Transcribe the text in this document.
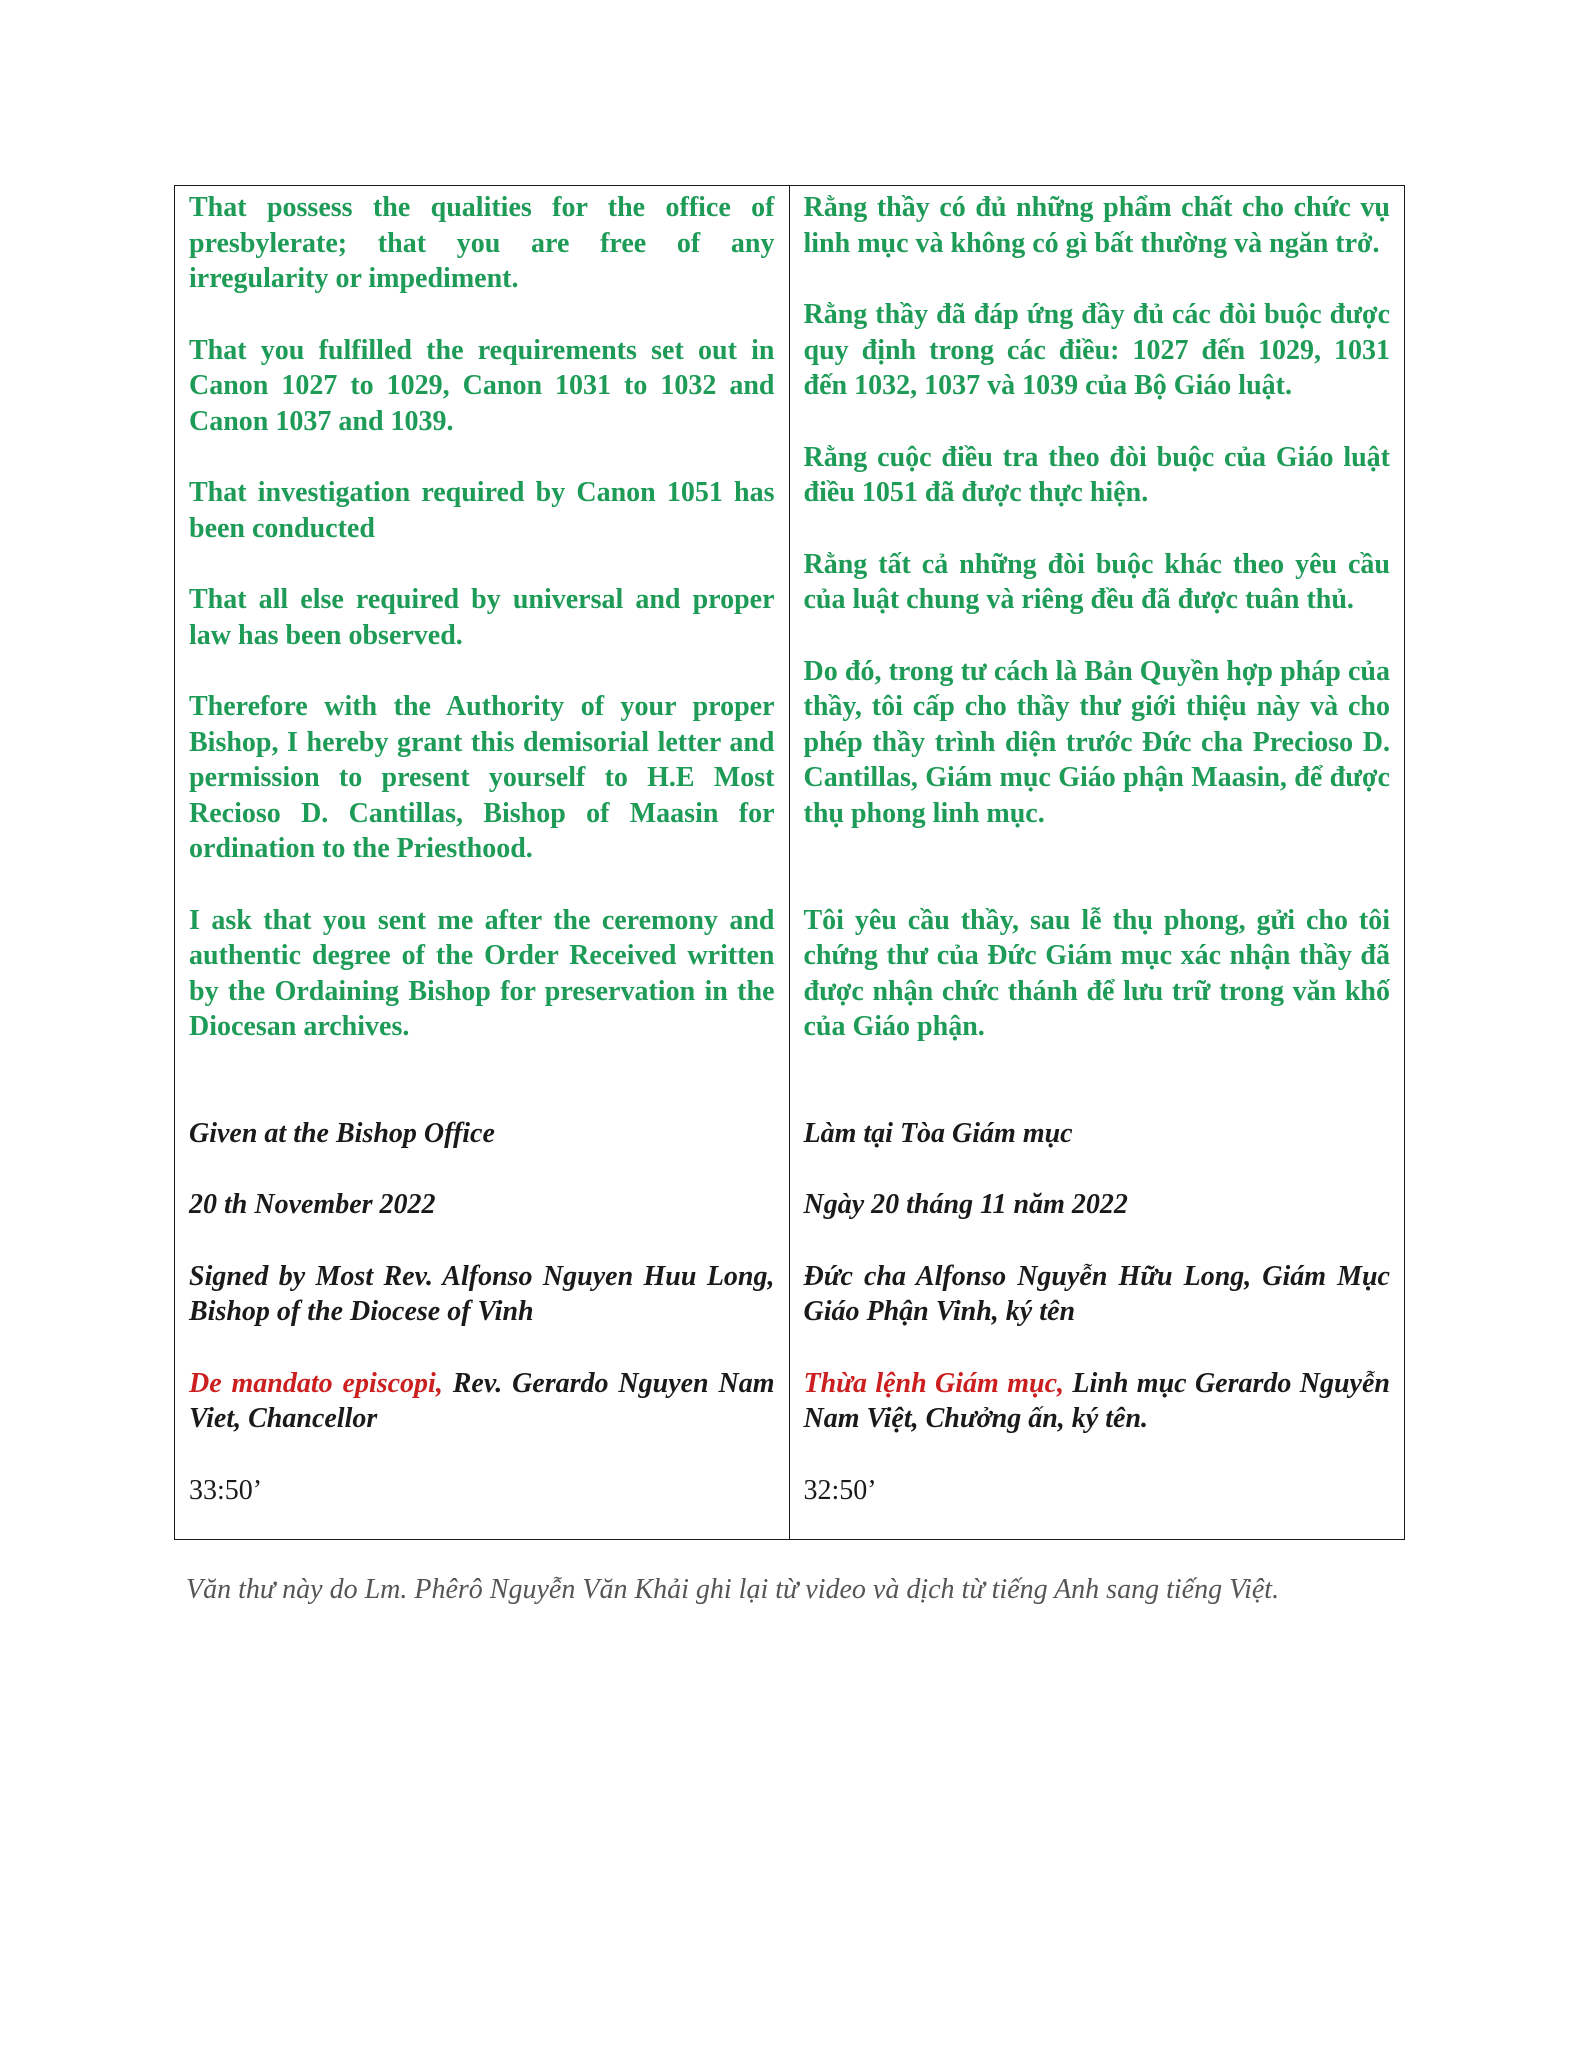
That possess the qualities for the office of presbylerate; that you are free of any irregularity or impediment.

That you fulfilled the requirements set out in Canon 1027 to 1029, Canon 1031 to 1032 and Canon 1037 and 1039.

That investigation required by Canon 1051 has been conducted

That all else required by universal and proper law has been observed.

Therefore with the Authority of your proper Bishop, I hereby grant this demisorial letter and permission to present yourself to H.E Most Recioso D. Cantillas, Bishop of Maasin for ordination to the Priesthood.

I ask that you sent me after the ceremony and authentic degree of the Order Received written by the Ordaining Bishop for preservation in the Diocesan archives.

Given at the Bishop Office

20 th November 2022

Signed by Most Rev. Alfonso Nguyen Huu Long, Bishop of the Diocese of Vinh

De mandato episcopi, Rev. Gerardo Nguyen Nam Viet, Chancellor

33:50’

Rằng thầy có đủ những phẩm chất cho chức vụ linh mục và không có gì bất thường và ngăn trở.

Rằng thầy đã đáp ứng đầy đủ các đòi buộc được quy định trong các điều: 1027 đến 1029, 1031 đến 1032, 1037 và 1039 của Bộ Giáo luật.

Rằng cuộc điều tra theo đòi buộc của Giáo luật điều 1051 đã được thực hiện.

Rằng tất cả những đòi buộc khác theo yêu cầu của luật chung và riêng đều đã được tuân thủ.

Do đó, trong tư cách là Bản Quyền hợp pháp của thầy, tôi cấp cho thầy thư giới thiệu này và cho phép thầy trình diện trước Đức cha Precioso D. Cantillas, Giám mục Giáo phận Maasin, để được thụ phong linh mục.

Tôi yêu cầu thầy, sau lễ thụ phong, gửi cho tôi chứng thư của Đức Giám mục xác nhận thầy đã được nhận chức thánh để lưu trữ trong văn khố của Giáo phận.

Làm tại Tòa Giám mục

Ngày 20 tháng 11 năm 2022

Đức cha Alfonso Nguyễn Hữu Long, Giám Mục Giáo Phận Vinh, ký tên

Thừa lệnh Giám mục, Linh mục Gerardo Nguyễn Nam Việt, Chưởng ấn, ký tên.

32:50’

Văn thư này do Lm. Phêrô Nguyễn Văn Khải ghi lại từ video và dịch từ tiếng Anh sang tiếng Việt.
